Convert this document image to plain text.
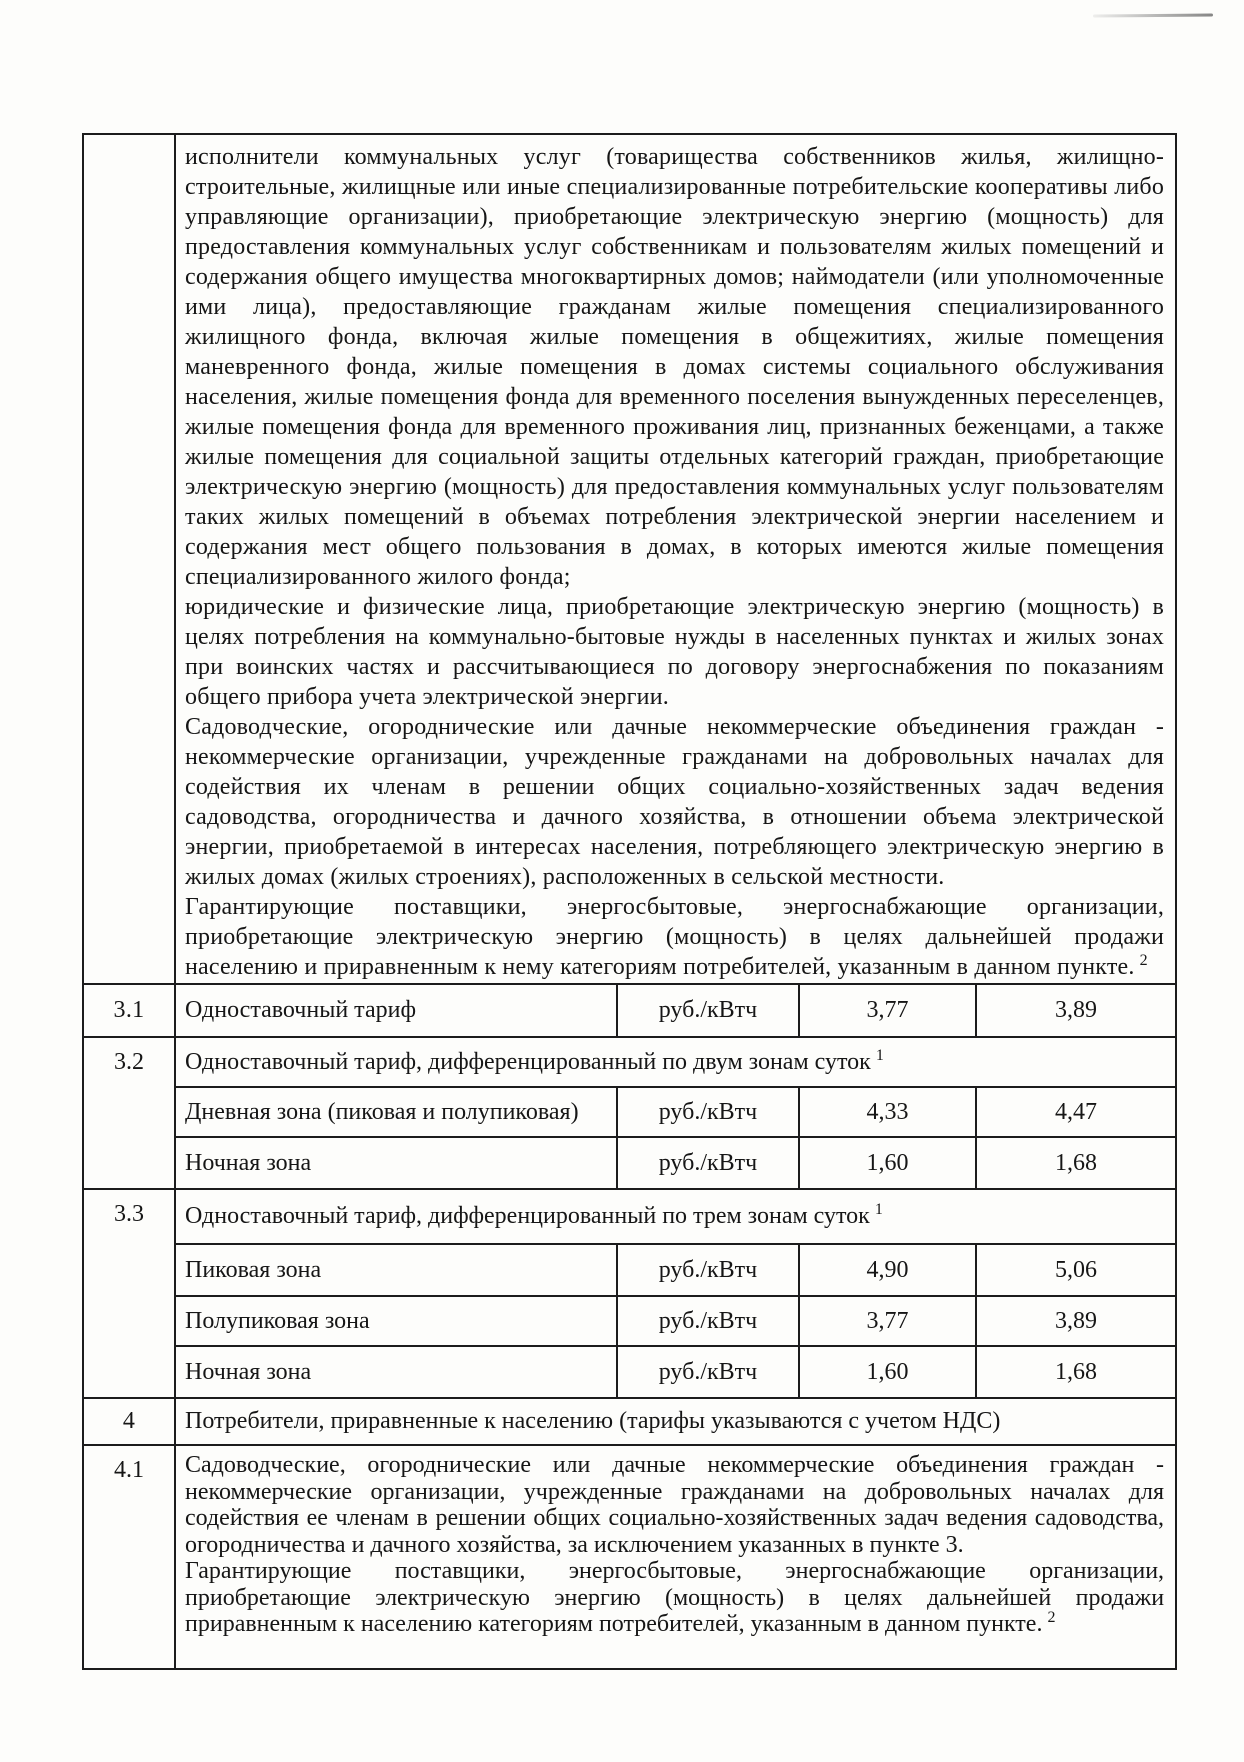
	исполнители коммунальных услуг (товарищества собственников жилья, жилищно-строительные, жилищные или иные специализированные потребительские кооперативы либо управляющие организации), приобретающие электрическую энергию (мощность) для предоставления коммунальных услуг собственникам и пользователям жилых помещений и содержания общего имущества многоквартирных домов; наймодатели (или уполномоченные ими лица), предоставляющие гражданам жилые помещения специализированного жилищного фонда, включая жилые помещения в общежитиях, жилые помещения маневренного фонда, жилые помещения в домах системы социального обслуживания населения, жилые помещения фонда для временного поселения вынужденных переселенцев, жилые помещения фонда для временного проживания лиц, признанных беженцами, а также жилые помещения для социальной защиты отдельных категорий граждан, приобретающие электрическую энергию (мощность) для предоставления коммунальных услуг пользователям таких жилых помещений в объемах потребления электрической энергии населением и содержания мест общего пользования в домах, в которых имеются жилые помещения специализированного жилого фонда;

юридические и физические лица, приобретающие электрическую энергию (мощность) в целях потребления на коммунально-бытовые нужды в населенных пунктах и жилых зонах при воинских частях и рассчитывающиеся по договору энергоснабжения по показаниям общего прибора учета электрической энергии.

Садоводческие, огороднические или дачные некоммерческие объединения граждан - некоммерческие организации, учрежденные гражданами на добровольных началах для содействия их членам в решении общих социально-хозяйственных задач ведения садоводства, огородничества и дачного хозяйства, в отношении объема электрической энергии, приобретаемой в интересах населения, потребляющего электрическую энергию в жилых домах (жилых строениях), расположенных в сельской местности.

Гарантирующие поставщики, энергосбытовые, энергоснабжающие организации, приобретающие электрическую энергию (мощность) в целях дальнейшей продажи населению и приравненным к нему категориям потребителей, указанным в данном пункте. $^2$

3.1	Одноставочный тариф	руб./кВтч	3,77	3,89
3.2	Одноставочный тариф, дифференцированный по двум зонам суток $^1$
	Дневная зона (пиковая и полупиковая)	руб./кВтч	4,33	4,47
	Ночная зона	руб./кВтч	1,60	1,68
3.3	Одноставочный тариф, дифференцированный по трем зонам суток $^1$
	Пиковая зона	руб./кВтч	4,90	5,06
	Полупиковая зона	руб./кВтч	3,77	3,89
	Ночная зона	руб./кВтч	1,60	1,68
4	Потребители, приравненные к населению (тарифы указываются с учетом НДС)			
4.1	Садоводческие, огороднические или дачные некоммерческие объединения граждан - некоммерческие организации, учрежденные гражданами на добровольных началах для содействия ее членам в решении общих социально-хозяйственных задач ведения садоводства, огородничества и дачного хозяйства, за исключением указанных в пункте 3.

Гарантирующие поставщики, энергосбытовые, энергоснабжающие организации, приобретающие электрическую энергию (мощность) в целях дальнейшей продажи приравненным к населению категориям потребителей, указанным в данном пункте. $^2$
